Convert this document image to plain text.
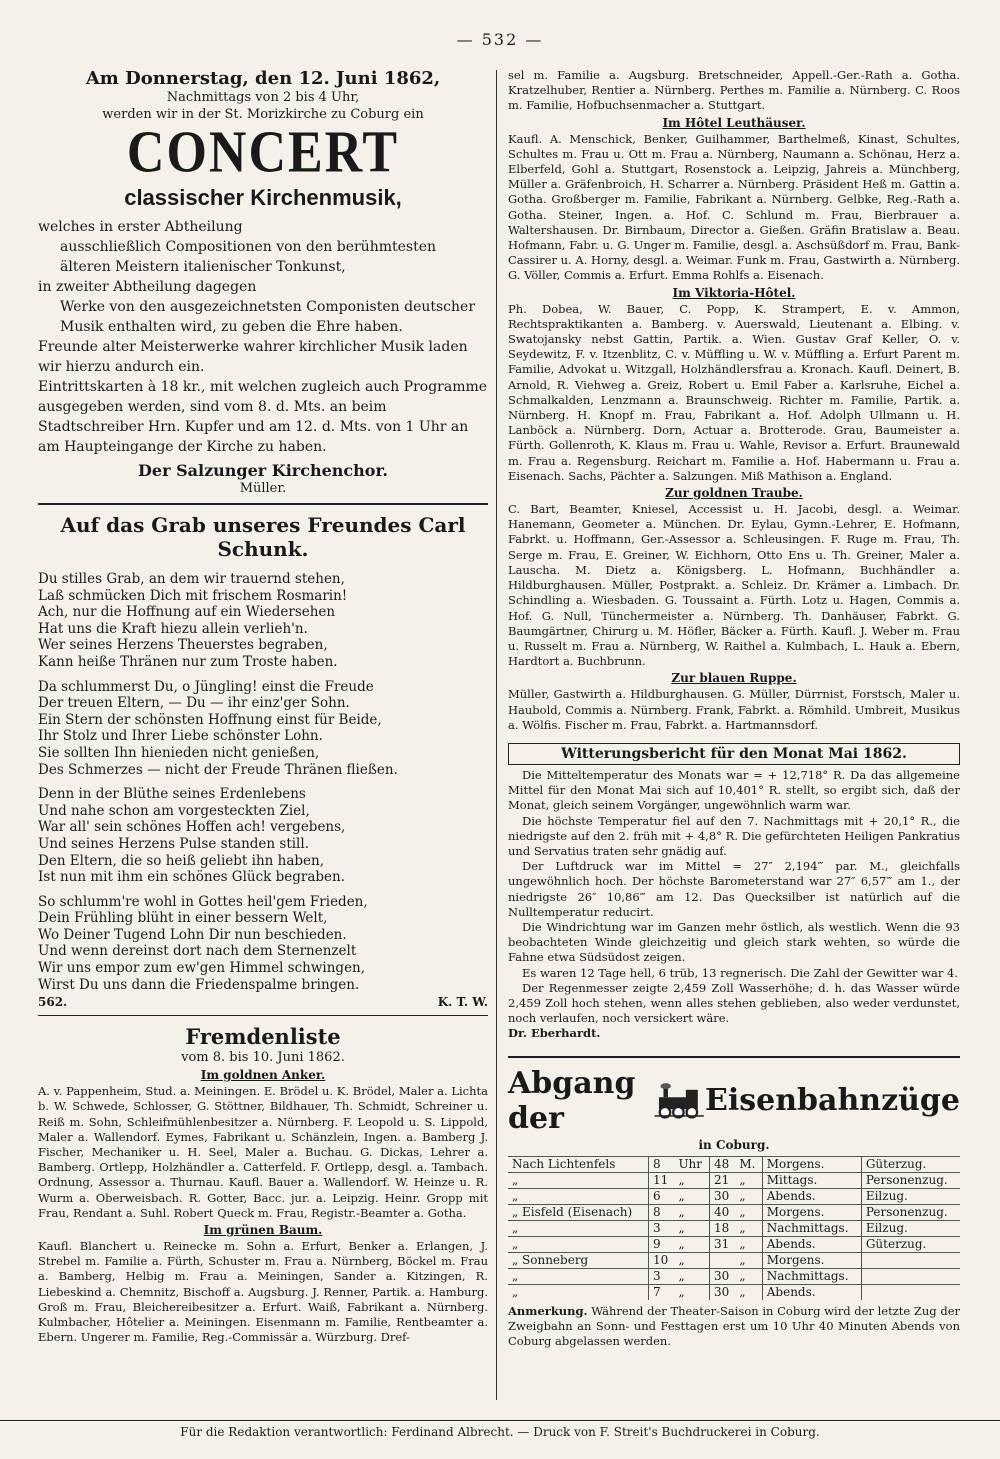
— 532 —
Am Donnerstag, den 12. Juni 1862,
Nachmittags von 2 bis 4 Uhr,
werden wir in der St. Morizkirche zu Coburg ein
CONCERT
classischer Kirchenmusik,
welches in erster Abtheilung
ausschließlich Compositionen von den berühmtesten älteren Meistern italienischer Tonkunst,
in zweiter Abtheilung dagegen
Werke von den ausgezeichnetsten Componisten deutscher Musik enthalten wird, zu geben die Ehre haben.
Freunde alter Meisterwerke wahrer kirchlicher Musik laden wir hierzu andurch ein.
Eintrittskarten à 18 kr., mit welchen zugleich auch Programme ausgegeben werden, sind vom 8. d. Mts. an beim Stadtschreiber Hrn. Kupfer und am 12. d. Mts. von 1 Uhr an am Haupteingange der Kirche zu haben.
Der Salzunger Kirchenchor.
Müller.
Auf das Grab unseres Freundes Carl Schunk.

Du stilles Grab, an dem wir trauernd stehen,
Laß schmücken Dich mit frischem Rosmarin!
Ach, nur die Hoffnung auf ein Wiedersehen
Hat uns die Kraft hiezu allein verlieh'n.
Wer seines Herzens Theuerstes begraben,
Kann heiße Thränen nur zum Troste haben.

Da schlummerst Du, o Jüngling! einst die Freude
Der treuen Eltern, — Du — ihr einz'ger Sohn.
Ein Stern der schönsten Hoffnung einst für Beide,
Ihr Stolz und Ihrer Liebe schönster Lohn.
Sie sollten Ihn hienieden nicht genießen,
Des Schmerzes — nicht der Freude Thränen fließen.

Denn in der Blüthe seines Erdenlebens
Und nahe schon am vorgesteckten Ziel,
War all' sein schönes Hoffen ach! vergebens,
Und seines Herzens Pulse standen still.
Den Eltern, die so heiß geliebt ihn haben,
Ist nun mit ihm ein schönes Glück begraben.

So schlumm're wohl in Gottes heil'gem Frieden,
Dein Frühling blüht in einer bessern Welt,
Wo Deiner Tugend Lohn Dir nun beschieden.
Und wenn dereinst dort nach dem Sternenzelt
Wir uns empor zum ew'gen Himmel schwingen,
Wirst Du uns dann die Friedenspalme bringen.

562.	K. T. W.
Fremdenliste
vom 8. bis 10. Juni 1862.
Im goldnen Anker.
A. v. Pappenheim, Stud. a. Meiningen. E. Brödel u. K. Brödel, Maler a. Lichta b. W. Schwede, Schlosser, G. Stöttner, Bildhauer, Th. Schmidt, Schreiner u. Reiß m. Sohn, Schleifmühlenbesitzer a. Nürnberg. F. Leopold u. S. Lippold, Maler a. Wallendorf. Eymes, Fabrikant u. Schänzlein, Ingen. a. Bamberg J. Fischer, Mechaniker u. H. Seel, Maler a. Buchau. G. Dickas, Lehrer a. Bamberg. Ortlepp, Holzhändler a. Catterfeld. F. Ortlepp, desgl. a. Tambach. Ordnung, Assessor a. Thurnau. Kaufl. Bauer a. Wallendorf. W. Heinze u. R. Wurm a. Oberweisbach. R. Gotter, Bacc. jur. a. Leipzig. Heinr. Gropp mit Frau, Rendant a. Suhl. Robert Queck m. Frau, Registr.-Beamter a. Gotha.
Im grünen Baum.
Kaufl. Blanchert u. Reinecke m. Sohn a. Erfurt, Benker a. Erlangen, J. Strebel m. Familie a. Fürth, Schuster m. Frau a. Nürnberg, Böckel m. Frau a. Bamberg, Helbig m. Frau a. Meiningen, Sander a. Kitzingen, R. Liebeskind a. Chemnitz, Bischoff a. Augsburg. J. Renner, Partik. a. Hamburg. Groß m. Frau, Bleichereibesitzer a. Erfurt. Waiß, Fabrikant a. Nürnberg. Kulmbacher, Hôtelier a. Meiningen. Eisenmann m. Familie, Rentbeamter a. Ebern. Ungerer m. Familie, Reg.-Commissär a. Würzburg. Dref-
sel m. Familie a. Augsburg. Bretschneider, Appell.-Ger.-Rath a. Gotha. Kratzelhuber, Rentier a. Nürnberg. Perthes m. Familie a. Nürnberg. C. Roos m. Familie, Hofbuchsenmacher a. Stuttgart.
Im Hôtel Leuthäuser.
Kaufl. A. Menschick, Benker, Guilhammer, Barthelmeß, Kinast, Schultes, Schultes m. Frau u. Ott m. Frau a. Nürnberg, Naumann a. Schönau, Herz a. Elberfeld, Gohl a. Stuttgart, Rosenstock a. Leipzig, Jahreis a. Münchberg, Müller a. Gräfenbroich, H. Scharrer a. Nürnberg. Präsident Heß m. Gattin a. Gotha. Großberger m. Familie, Fabrikant a. Nürnberg. Gelbke, Reg.-Rath a. Gotha. Steiner, Ingen. a. Hof. C. Schlund m. Frau, Bierbrauer a. Waltershausen. Dr. Birnbaum, Director a. Gießen. Gräfin Bratislaw a. Beau. Hofmann, Fabr. u. G. Unger m. Familie, desgl. a. Aschsüßdorf m. Frau, Bank-Cassirer u. A. Horny, desgl. a. Weimar. Funk m. Frau, Gastwirth a. Nürnberg. G. Völler, Commis a. Erfurt. Emma Rohlfs a. Eisenach.
Im Viktoria-Hôtel.
Ph. Dobea, W. Bauer, C. Popp, K. Strampert, E. v. Ammon, Rechtspraktikanten a. Bamberg. v. Auerswald, Lieutenant a. Elbing. v. Swatojansky nebst Gattin, Partik. a. Wien. Gustav Graf Keller, O. v. Seydewitz, F. v. Itzenblitz, C. v. Müffling u. W. v. Müffling a. Erfurt Parent m. Familie, Advokat u. Witzgall, Holzhändlersfrau a. Kronach. Kaufl. Deinert, B. Arnold, R. Viehweg a. Greiz, Robert u. Emil Faber a. Karlsruhe, Eichel a. Schmalkalden, Lenzmann a. Braunschweig. Richter m. Familie, Partik. a. Nürnberg. H. Knopf m. Frau, Fabrikant a. Hof. Adolph Ullmann u. H. Lanböck a. Nürnberg. Dorn, Actuar a. Brotterode. Grau, Baumeister a. Fürth. Gollenroth, K. Klaus m. Frau u. Wahle, Revisor a. Erfurt. Braunewald m. Frau a. Regensburg. Reichart m. Familie a. Hof. Habermann u. Frau a. Eisenach. Sachs, Pächter a. Salzungen. Miß Mathison a. England.
Zur goldnen Traube.
C. Bart, Beamter, Kniesel, Accessist u. H. Jacobi, desgl. a. Weimar. Hanemann, Geometer a. München. Dr. Eylau, Gymn.-Lehrer, E. Hofmann, Fabrkt. u. Hoffmann, Ger.-Assessor a. Schleusingen. F. Ruge m. Frau, Th. Serge m. Frau, E. Greiner, W. Eichhorn, Otto Ens u. Th. Greiner, Maler a. Lauscha. M. Dietz a. Königsberg. L. Hofmann, Buchhändler a. Hildburghausen. Müller, Postprakt. a. Schleiz. Dr. Krämer a. Limbach. Dr. Schindling a. Wiesbaden. G. Toussaint a. Fürth. Lotz u. Hagen, Commis a. Hof. G. Null, Tünchermeister a. Nürnberg. Th. Danhäuser, Fabrkt. G. Baumgärtner, Chirurg u. M. Höfler, Bäcker a. Fürth. Kaufl. J. Weber m. Frau u. Russelt m. Frau a. Nürnberg, W. Raithel a. Kulmbach, L. Hauk a. Ebern, Hardtort a. Buchbrunn.
Zur blauen Ruppe.
Müller, Gastwirth a. Hildburghausen. G. Müller, Dürrnist, Forstsch, Maler u. Haubold, Commis a. Nürnberg. Frank, Fabrkt. a. Römhild. Umbreit, Musikus a. Wölfis. Fischer m. Frau, Fabrkt. a. Hartmannsdorf.
Witterungsbericht für den Monat Mai 1862.
Die Mitteltemperatur des Monats war = + 12,718° R. Da das allgemeine Mittel für den Monat Mai sich auf 10,401° R. stellt, so ergibt sich, daß der Monat, gleich seinem Vorgänger, ungewöhnlich warm war.
Die höchste Temperatur fiel auf den 7. Nachmittags mit + 20,1° R., die niedrigste auf den 2. früh mit + 4,8° R. Die gefürchteten Heiligen Pankratius und Servatius traten sehr gnädig auf.
Der Luftdruck war im Mittel = 27″ 2,194‴ par. M., gleichfalls ungewöhnlich hoch. Der höchste Barometerstand war 27″ 6,57‴ am 1., der niedrigste 26″ 10,86‴ am 12. Das Quecksilber ist natürlich auf die Nulltemperatur reducirt.
Die Windrichtung war im Ganzen mehr östlich, als westlich. Wenn die 93 beobachteten Winde gleichzeitig und gleich stark wehten, so würde die Fahne etwa Südsüdost zeigen.
Es waren 12 Tage hell, 6 trüb, 13 regnerisch. Die Zahl der Gewitter war 4.
Der Regenmesser zeigte 2,459 Zoll Wasserhöhe; d. h. das Wasser würde 2,459 Zoll hoch stehen, wenn alles stehen geblieben, also weder verdunstet, noch verlaufen, noch versickert wäre.
Dr. Eberhardt.
Abgang der	Eisenbahnzüge
in Coburg.
Nach Lichtenfels	8	Uhr	48	M.	Morgens.	Güterzug.
„	11	„	21	„	Mittags.	Personenzug.
„	6	„	30	„	Abends.	Eilzug.
„ Eisfeld (Eisenach)	8	„	40	„	Morgens.	Personenzug.
„	3	„	18	„	Nachmittags.	Eilzug.
„	9	„	31	„	Abends.	Güterzug.
„ Sonneberg	10	„		„	Morgens.	
„	3	„	30	„	Nachmittags.	
„	7	„	30	„	Abends.	
Anmerkung. Während der Theater-Saison in Coburg wird der letzte Zug der Zweigbahn an Sonn- und Festtagen erst um 10 Uhr 40 Minuten Abends von Coburg abgelassen werden.
Für die Redaktion verantwortlich: Ferdinand Albrecht. — Druck von F. Streit's Buchdruckerei in Coburg.
